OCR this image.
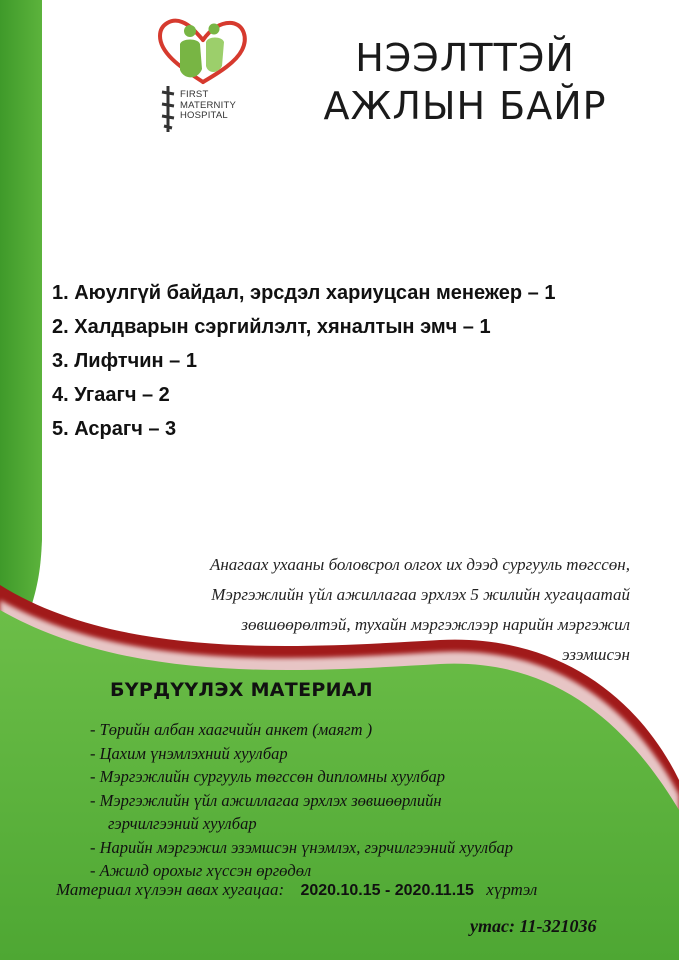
FIRST
MATERNITY
HOSPITAL
НЭЭЛТТЭЙ
АЖЛЫН БАЙР
1. Аюулгүй байдал, эрсдэл хариуцсан менежер – 1
2. Халдварын сэргийлэлт, хяналтын эмч – 1
3. Лифтчин – 1
4. Угаагч – 2
5. Асрагч – 3
Анагаах ухааны боловсрол олгох их дээд сургууль төгссөн,
Мэргэжлийн үйл ажиллагаа эрхлэх 5 жилийн хугацаатай
зөвшөөрөлтэй, тухайн мэргэжлээр нарийн мэргэжил
эзэмшсэн
БҮРДҮҮЛЭХ МАТЕРИАЛ
- Төрийн албан хаагчийн анкет (маягт )
- Цахим үнэмлэхний хуулбар
- Мэргэжлийн сургууль төгссөн дипломны хуулбар
- Мэргэжлийн үйл ажиллагаа эрхлэх зөвшөөрлийн
гэрчилгээний хуулбар
- Нарийн мэргэжил эзэмшсэн үнэмлэх, гэрчилгээний хуулбар
- Ажилд орохыг хүссэн өргөдөл
Материал хүлээн авах хугацаа: 2020.10.15 - 2020.11.15 хүртэл
утас: 11-321036
